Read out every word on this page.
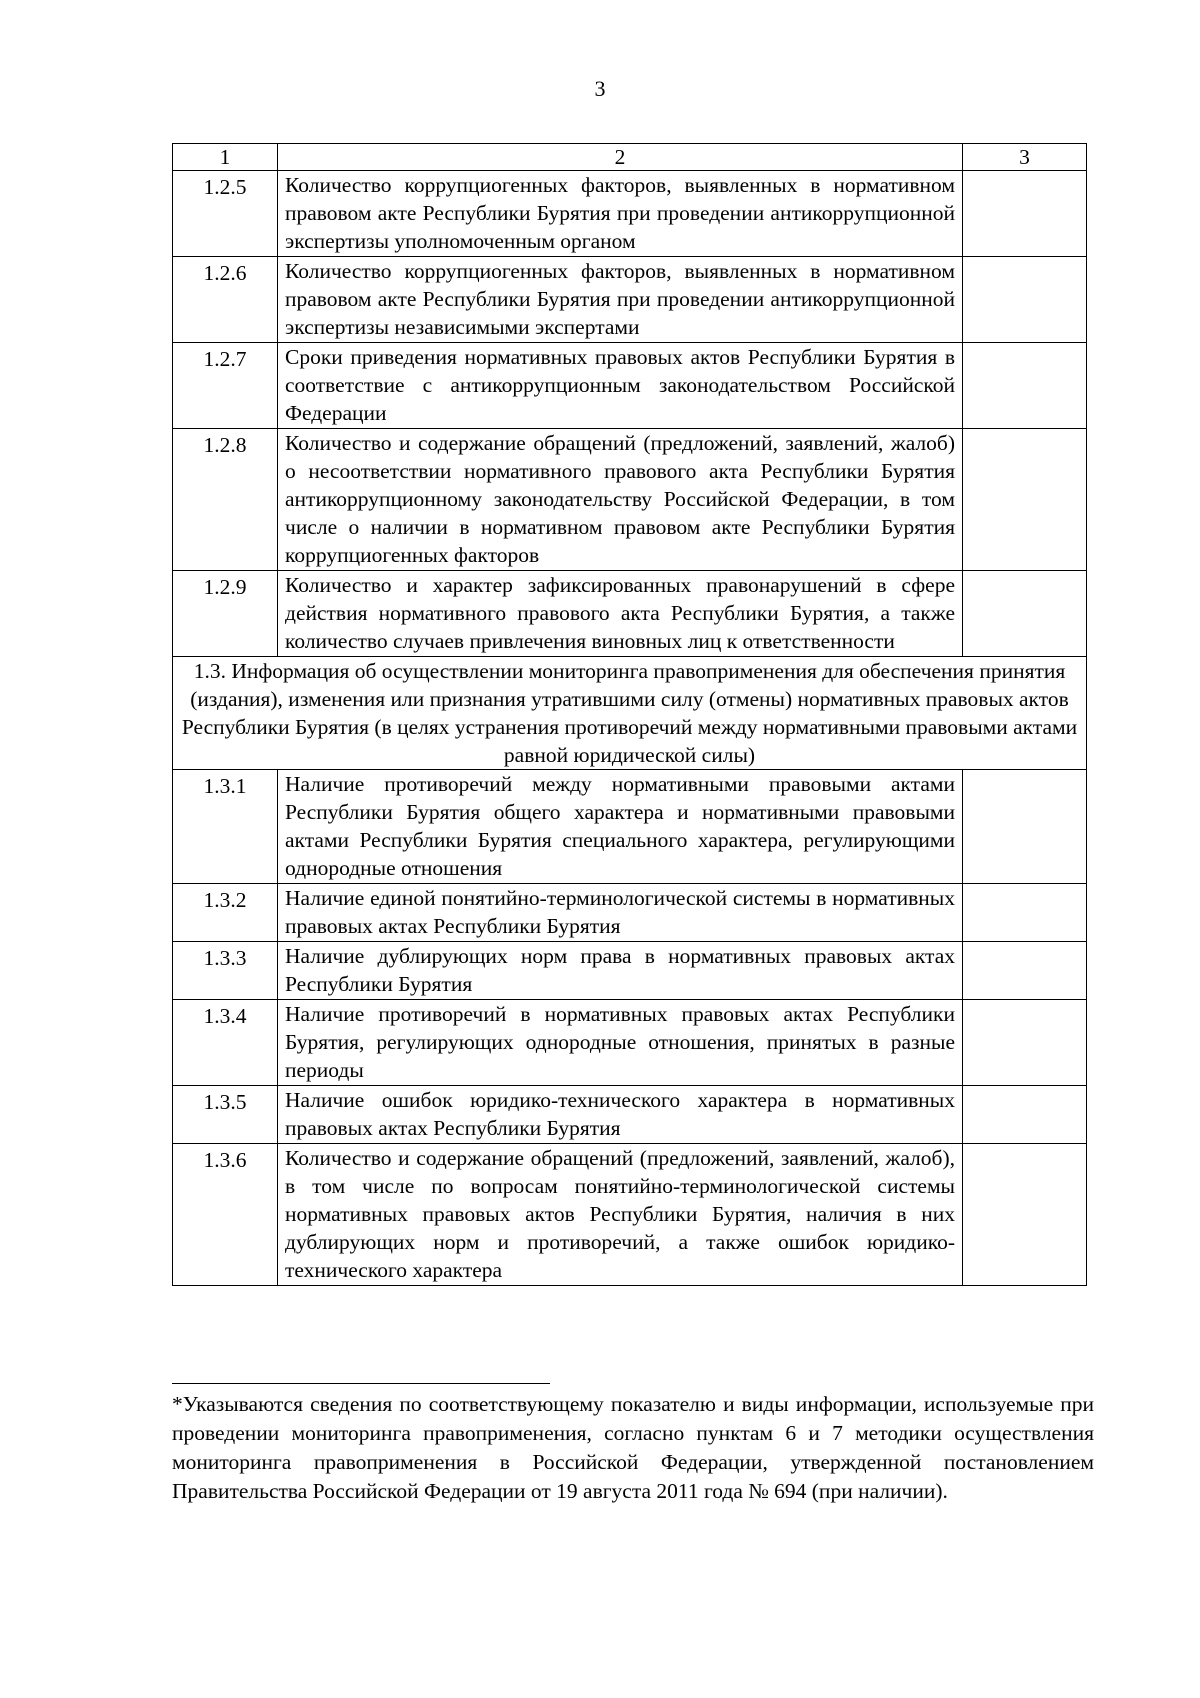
3
1	2	3
1.2.5	Количество коррупциогенных факторов, выявленных в нормативном правовом акте Республики Бурятия при проведении антикоррупционной экспертизы уполномоченным органом	
1.2.6	Количество коррупциогенных факторов, выявленных в нормативном правовом акте Республики Бурятия при проведении антикоррупционной экспертизы независимыми экспертами	
1.2.7	Сроки приведения нормативных правовых актов Республики Бурятия в соответствие с антикоррупционным законодательством Российской Федерации	
1.2.8	Количество и содержание обращений (предложений, заявлений, жалоб) о несоответствии нормативного правового акта Республики Бурятия антикоррупционному законодательству Российской Федерации, в том числе о наличии в нормативном правовом акте Республики Бурятия коррупциогенных факторов	
1.2.9	Количество и характер зафиксированных правонарушений в сфере действия нормативного правового акта Республики Бурятия, а также количество случаев привлечения виновных лиц к ответственности	
1.3. Информация об осуществлении мониторинга правоприменения для обеспечения принятия (издания), изменения или признания утратившими силу (отмены) нормативных правовых актов Республики Бурятия (в целях устранения противоречий между нормативными правовыми актами равной юридической силы)		
1.3.1	Наличие противоречий между нормативными правовыми актами Республики Бурятия общего характера и нормативными правовыми актами Республики Бурятия специального характера, регулирующими однородные отношения	
1.3.2	Наличие единой понятийно-терминологической системы в нормативных правовых актах Республики Бурятия	
1.3.3	Наличие дублирующих норм права в нормативных правовых актах Республики Бурятия	
1.3.4	Наличие противоречий в нормативных правовых актах Республики Бурятия, регулирующих однородные отношения, принятых в разные периоды	
1.3.5	Наличие ошибок юридико-технического характера в нормативных правовых актах Республики Бурятия	
1.3.6	Количество и содержание обращений (предложений, заявлений, жалоб), в том числе по вопросам понятийно-терминологической системы нормативных правовых актов Республики Бурятия, наличия в них дублирующих норм и противоречий, а также ошибок юридико-технического характера	
*Указываются сведения по соответствующему показателю и виды информации, используемые при проведении мониторинга правоприменения, согласно пунктам 6 и 7 методики осуществления мониторинга правоприменения в Российской Федерации, утвержденной постановлением Правительства Российской Федерации от 19 августа 2011 года № 694 (при наличии).
